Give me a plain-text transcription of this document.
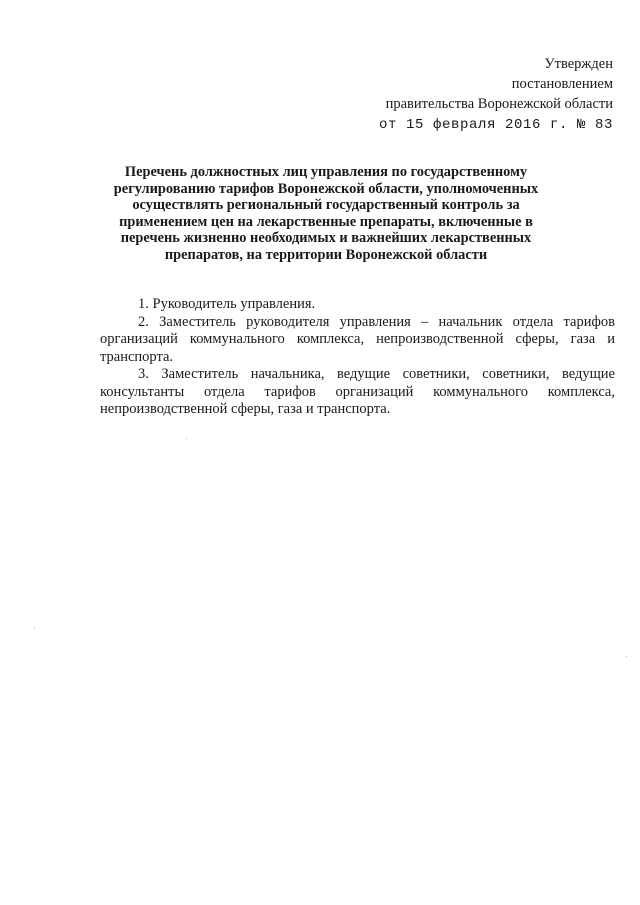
Утвержден
постановлением
правительства Воронежской области
от 15 февраля 2016 г. № 83
Перечень должностных лиц управления по государственному регулированию тарифов Воронежской области, уполномоченных осуществлять региональный государственный контроль за применением цен на лекарственные препараты, включенные в перечень жизненно необходимых и важнейших лекарственных препаратов, на территории Воронежской области

1. Руководитель управления.

2. Заместитель руководителя управления – начальник отдела тарифов организаций коммунального комплекса, непроизводственной сферы, газа и транспорта.

3. Заместитель начальника, ведущие советники, советники, ведущие консультанты отдела тарифов организаций коммунального комплекса, непроизводственной сферы, газа и транспорта.
